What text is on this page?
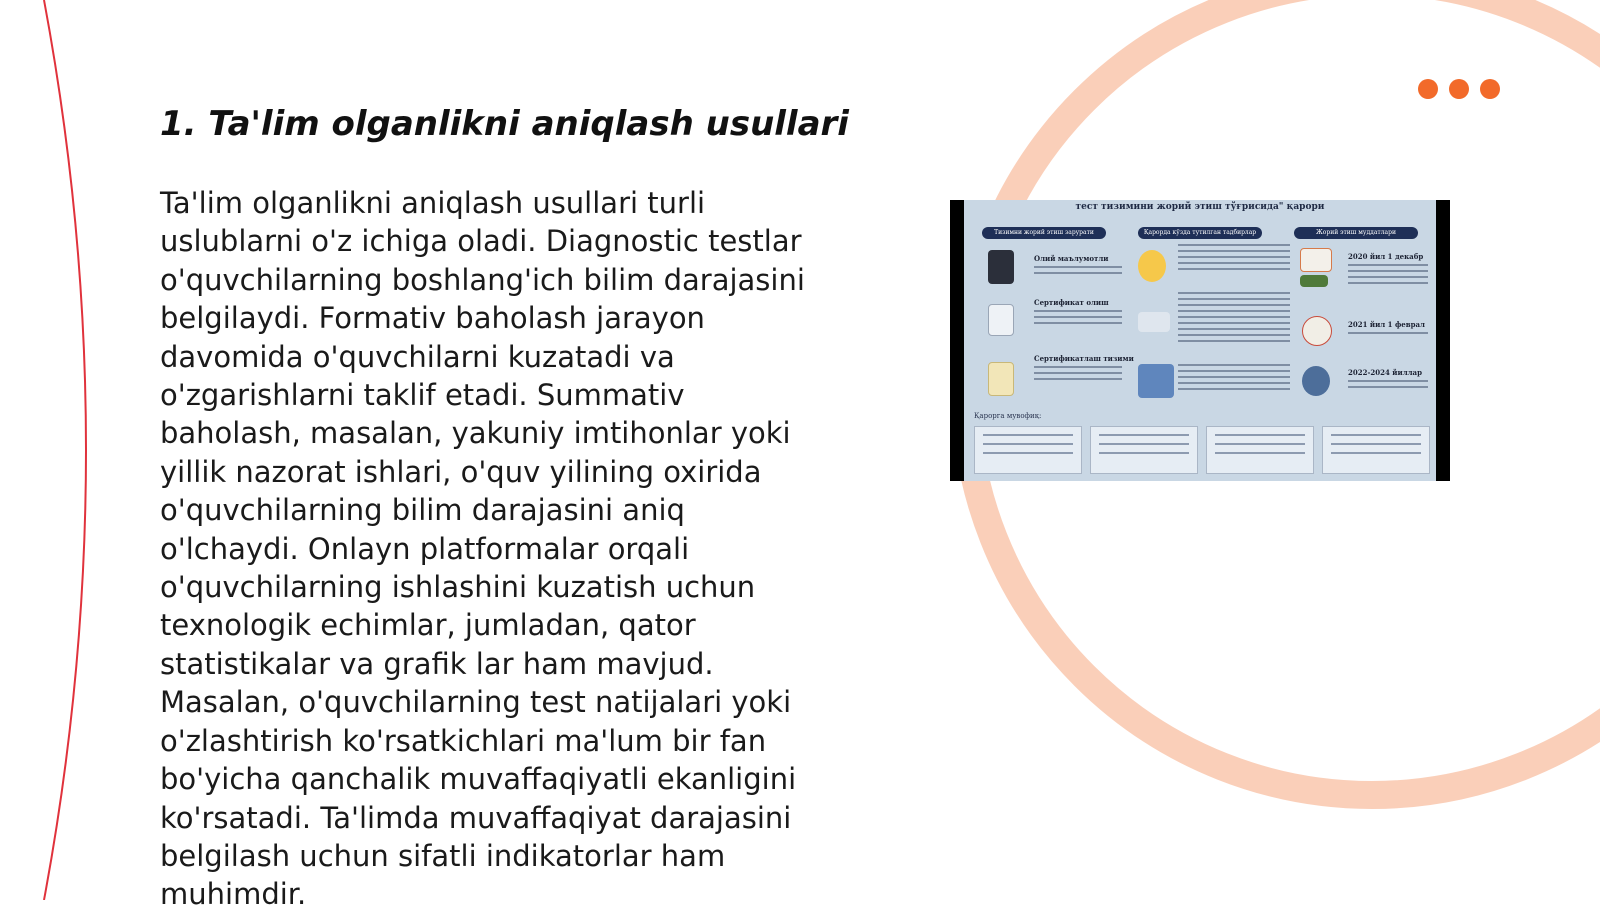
1. Ta'lim olganlikni aniqlash usullari

Ta'lim olganlikni aniqlash usullari turli uslublarni o'z ichiga oladi. Diagnostic testlar o'quvchilarning boshlang'ich bilim darajasini belgilaydi. Formativ baholash jarayon davomida o'quvchilarni kuzatadi va o'zgarishlarni taklif etadi. Summativ baholash, masalan, yakuniy imtihonlar yoki yillik nazorat ishlari, o'quv yilining oxirida o'quvchilarning bilim darajasini aniq o'lchaydi. Onlayn platformalar orqali o'quvchilarning ishlashini kuzatish uchun texnologik echimlar, jumladan, qator statistikalar va grafik lar ham mavjud. Masalan, o'quvchilarning test natijalari yoki o'zlashtirish ko'rsatkichlari ma'lum bir fan bo'yicha qanchalik muvaffaqiyatli ekanligini ko'rsatadi. Ta'limda muvaffaqiyat darajasini belgilash uchun sifatli indikatorlar ham muhimdir.

тест тизимини жорий этиш тўғрисида" қарори
Тизимни жорий этиш зарурати	Қарорда кўзда тутилган тадбирлар	Жорий этиш муддатлари
Олий маълумотли
Сертификат олиш
Сертификатлаш тизими
2020 йил 1 декабр
2021 йил 1 феврал
2022-2024 йиллар
Қарорга мувофиқ:
